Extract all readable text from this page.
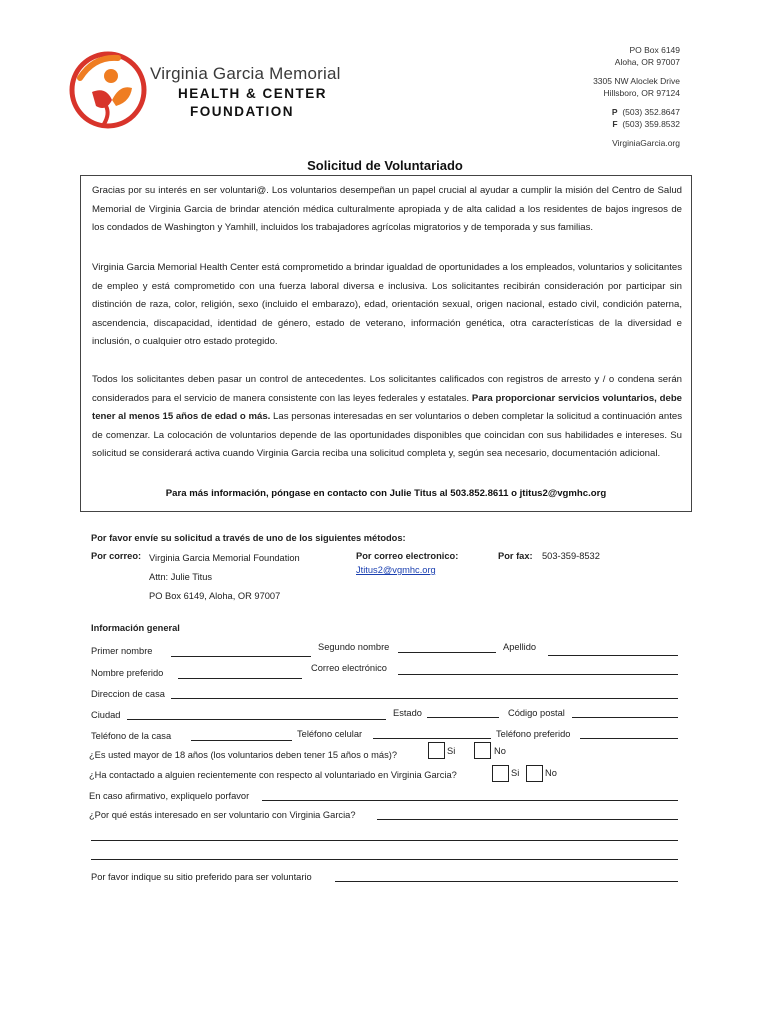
Virginia Garcia Memorial
HEALTH & CENTER
FOUNDATION
PO Box 6149
Aloha, OR 97007
3305 NW Aloclek Drive
Hillsboro, OR 97124
P (503) 352.8647
F (503) 359.8532
VirginiaGarcia.org
Solicitud de Voluntariado
Gracias por su interés en ser voluntari@. Los voluntarios desempeñan un papel crucial al ayudar a cumplir la misión del Centro de Salud Memorial de Virginia Garcia de brindar atención médica culturalmente apropiada y de alta calidad a los residentes de bajos ingresos de los condados de Washington y Yamhill, incluidos los trabajadores agrícolas migratorios y de temporada y sus familias.
Virginia Garcia Memorial Health Center está comprometido a brindar igualdad de oportunidades a los empleados, voluntarios y solicitantes de empleo y está comprometido con una fuerza laboral diversa e inclusiva. Los solicitantes recibirán consideración por participar sin distinción de raza, color, religión, sexo (incluido el embarazo), edad, orientación sexual, origen nacional, estado civil, condición paterna, ascendencia, discapacidad, identidad de género, estado de veterano, información genética, otra características de la diversidad e inclusión, o cualquier otro estado protegido.
Todos los solicitantes deben pasar un control de antecedentes. Los solicitantes calificados con registros de arresto y / o condena serán considerados para el servicio de manera consistente con las leyes federales y estatales. Para proporcionar servicios voluntarios, debe tener al menos 15 años de edad o más. Las personas interesadas en ser voluntarios o deben completar la solicitud a continuación antes de comenzar. La colocación de voluntarios depende de las oportunidades disponibles que coincidan con sus habilidades e intereses. Su solicitud se considerará activa cuando Virginia Garcia reciba una solicitud completa y, según sea necesario, documentación adicional.
Para más información, póngase en contacto con Julie Titus al 503.852.8611 o jtitus2@vgmhc.org
Por favor envíe su solicitud a través de uno de los siguientes métodos:
Por correo: Virginia Garcia Memorial Foundation
Attn: Julie Titus
PO Box 6149, Aloha, OR 97007
Por correo electronico:
Jtitus2@vgmhc.org
Por fax: 503-359-8532
Información general
Primer nombre	Segundo nombre	Apellido
Nombre preferido	Correo electrónico
Direccion de casa
Ciudad	Estado	Código postal
Teléfono de la casa	Teléfono celular	Teléfono preferido
¿Es usted mayor de 18 años (los voluntarios deben tener 15 años o más)?	Si	No
¿Ha contactado a alguien recientemente con respecto al voluntariado en Virginia Garcia?	Si	No
En caso afirmativo, expliquelo porfavor
¿Por qué estás interesado en ser voluntario con Virginia Garcia?
Por favor indique su sitio preferido para ser voluntario
